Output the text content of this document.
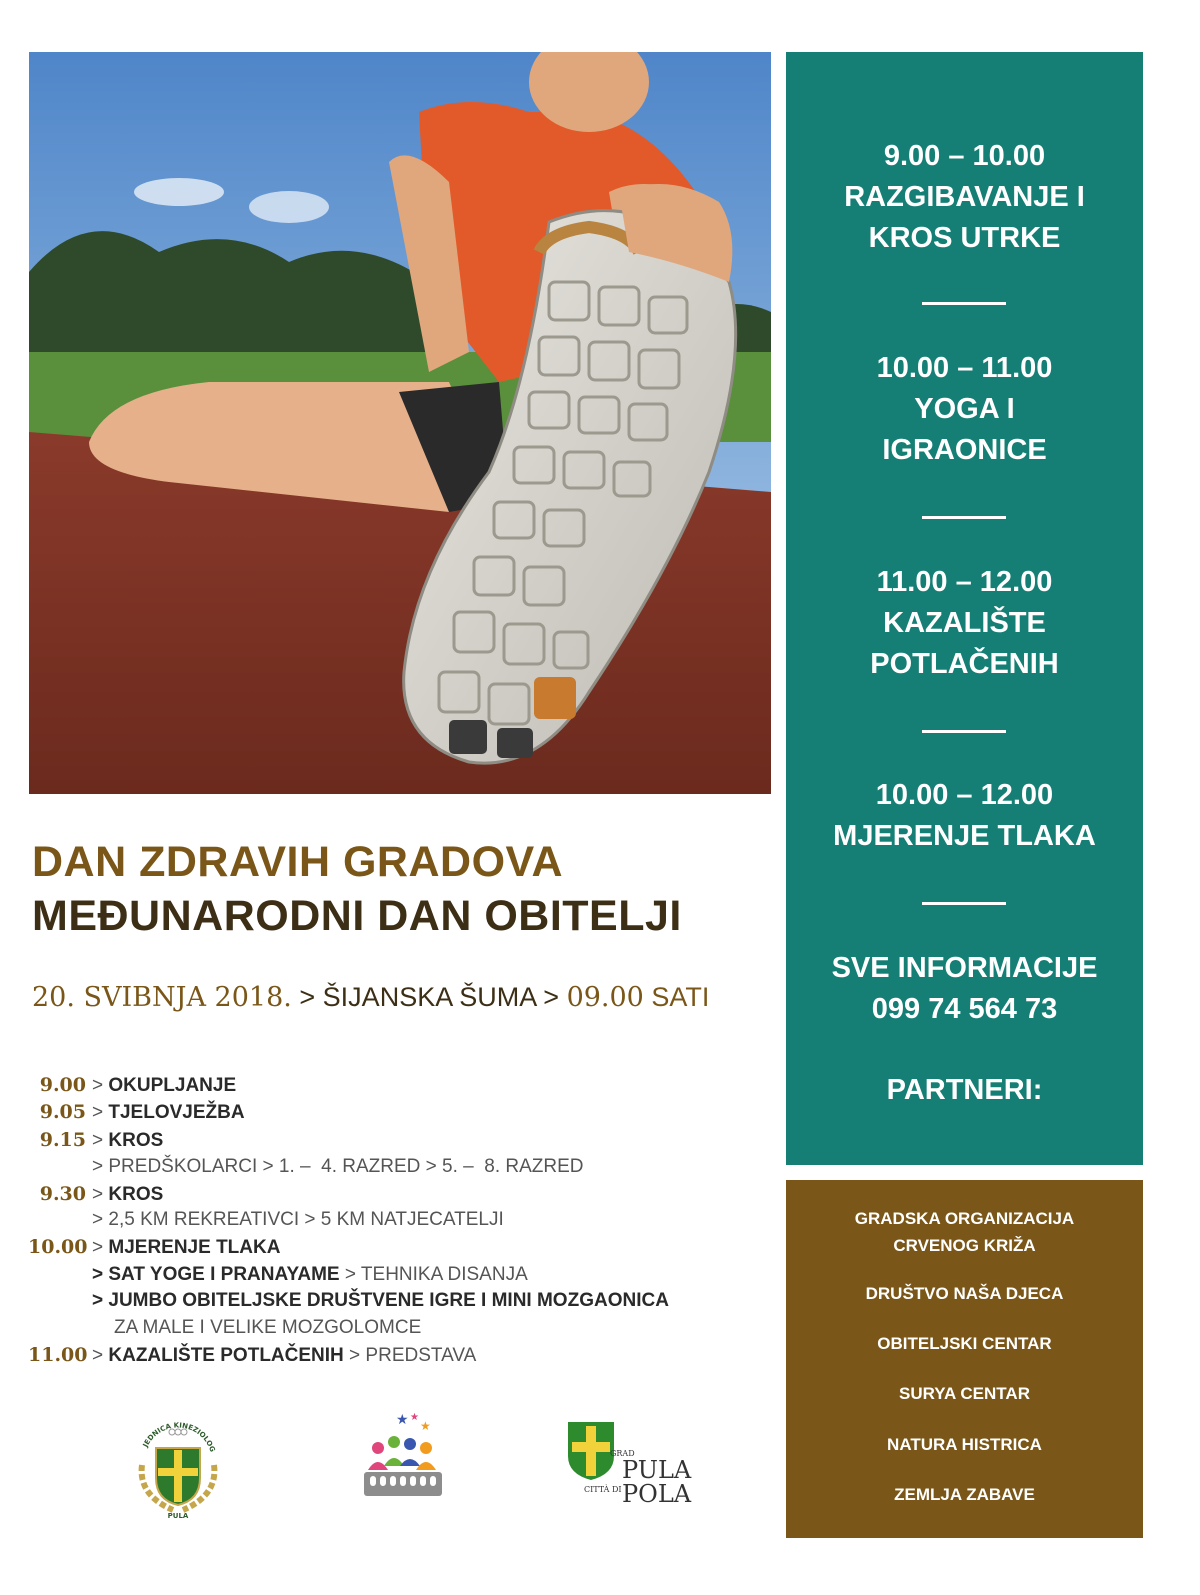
9.00 – 10.00
RAZGIBAVANJE I
KROS UTRKE
10.00 – 11.00
YOGA I
IGRAONICE
11.00 – 12.00
KAZALIŠTE
POTLAČENIH
10.00 – 12.00
MJERENJE TLAKA
SVE INFORMACIJE
099 74 564 73
PARTNERI:
GRADSKA ORGANIZACIJA
CRVENOG KRIŽA
DRUŠTVO NAŠA DJECA
OBITELJSKI CENTAR
SURYA CENTAR
NATURA HISTRICA
ZEMLJA ZABAVE
DAN ZDRAVIH GRADOVA
MEĐUNARODNI DAN OBITELJI
20. SVIBNJA 2018. > ŠIJANSKA ŠUMA > 09.00 SATI
9.00 > OKUPLJANJE
9.05 > TJELOVJEŽBA
9.15 > KROS
> PREDŠKOLARCI > 1. –  4. RAZRED > 5. –  8. RAZRED
9.30 > KROS
> 2,5 KM REKREATIVCI > 5 KM NATJECATELJI
10.00 > MJERENJE TLAKA
> SAT YOGE I PRANAYAME > TEHNIKA DISANJA
> JUMBO OBITELJSKE DRUŠTVENE IGRE I MINI MOZGAONICA
ZA MALE I VELIKE MOZGOLOMCE
11.00 > KAZALIŠTE POTLAČENIH > PREDSTAVA
JEDNICA KINEZIOLOG
PULA
★ ★
★
GRAD
PULA
CITTÀ DI POLA
